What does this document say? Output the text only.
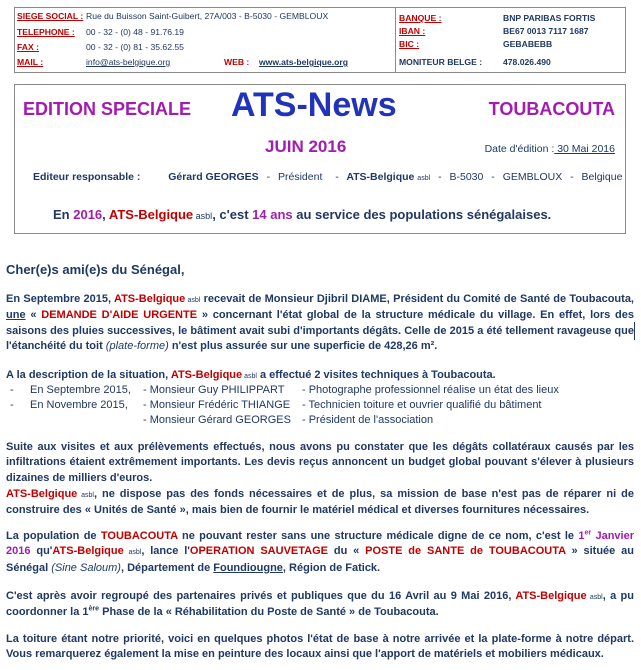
SIEGE SOCIAL : Rue du Buisson Saint-Guibert, 27A/003 - B-5030 - GEMBLOUX
TELEPHONE : 00 - 32 - (0) 48 - 91.76.19
FAX :	00 - 32 - (0) 81 - 35.62.55
MAIL :	info@ats-belgique.org	WEB : www.ats-belgique.org
BANQUE :	BNP PARIBAS FORTIS
IBAN :	BE67 0013 7117 1687
BIC :	GEBABEBB
MONITEUR BELGE : 478.026.490
EDITION SPECIALE ATS-News	TOUBACOUTA
JUIN 2016	Date d'édition : 30 Mai 2016
Editeur responsable :	Gérard GEORGES - Président - ATS-Belgique asbl - B-5030 - GEMBLOUX - Belgique
En 2016, ATS-Belgique asbl, c'est 14 ans au service des populations sénégalaises.
Cher(e)s ami(e)s du Sénégal,
En Septembre 2015, ATS-Belgique asbl recevait de Monsieur Djibril DIAME, Président du Comité de Santé de Toubacouta, une « DEMANDE D'AIDE URGENTE » concernant l'état global de la structure médicale du village. En effet, lors des saisons des pluies successives, le bâtiment avait subi d'importants dégâts. Celle de 2015 a été tellement ravageuse que l'étanchéité du toit (plate-forme) n'est plus assurée sur une superficie de 428,26 m².
A la description de la situation, ATS-Belgique asbl a effectué 2 visites techniques à Toubacouta.
- En Septembre 2015, - Monsieur Guy PHILIPPART - Photographe professionnel réalise un état des lieux
- En Novembre 2015, - Monsieur Frédéric THIANGE - Technicien toiture et ouvrier qualifié du bâtiment
- Monsieur Gérard GEORGES - Président de l'association
Suite aux visites et aux prélèvements effectués, nous avons pu constater que les dégâts collatéraux causés par les infiltrations étaient extrêmement importants. Les devis reçus annoncent un budget global pouvant s'élever à plusieurs dizaines de milliers d'euros.
ATS-Belgique asbl, ne dispose pas des fonds nécessaires et de plus, sa mission de base n'est pas de réparer ni de construire des « Unités de Santé », mais bien de fournir le matériel médical et diverses fournitures nécessaires.
La population de TOUBACOUTA ne pouvant rester sans une structure médicale digne de ce nom, c'est le 1er Janvier 2016 qu'ATS-Belgique asbl, lance l'OPERATION SAUVETAGE du « POSTE de SANTE de TOUBACOUTA » située au Sénégal (Sine Saloum), Département de Foundiougne, Région de Fatick.
C'est après avoir regroupé des partenaires privés et publiques que du 16 Avril au 9 Mai 2016, ATS-Belgique asbl, a pu coordonner la 1ère Phase de la « Réhabilitation du Poste de Santé » de Toubacouta.
La toiture étant notre priorité, voici en quelques photos l'état de base à notre arrivée et la plate-forme à notre départ. Vous remarquerez également la mise en peinture des locaux ainsi que l'apport de matériels et mobiliers médicaux.
